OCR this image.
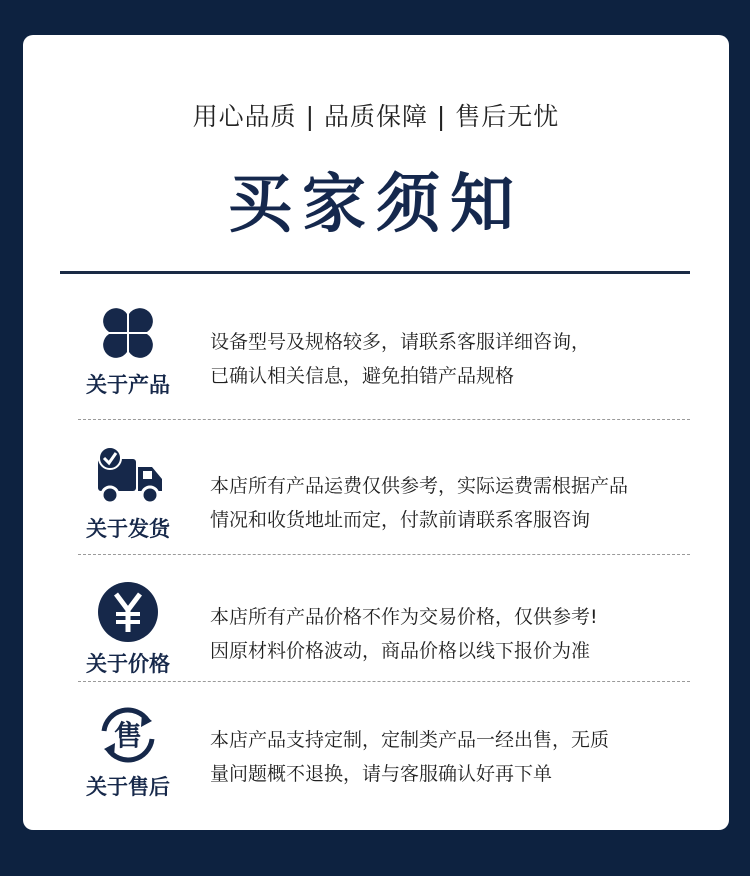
用心品质 | 品质保障 | 售后无忧
买家须知
关于产品
设备型号及规格较多，请联系客服详细咨询，
已确认相关信息，避免拍错产品规格
关于发货
本店所有产品运费仅供参考，实际运费需根据产品
情况和收货地址而定，付款前请联系客服咨询
关于价格
本店所有产品价格不作为交易价格，仅供参考!
因原材料价格波动，商品价格以线下报价为准
售
关于售后
本店产品支持定制，定制类产品一经出售，无质
量问题概不退换，请与客服确认好再下单
